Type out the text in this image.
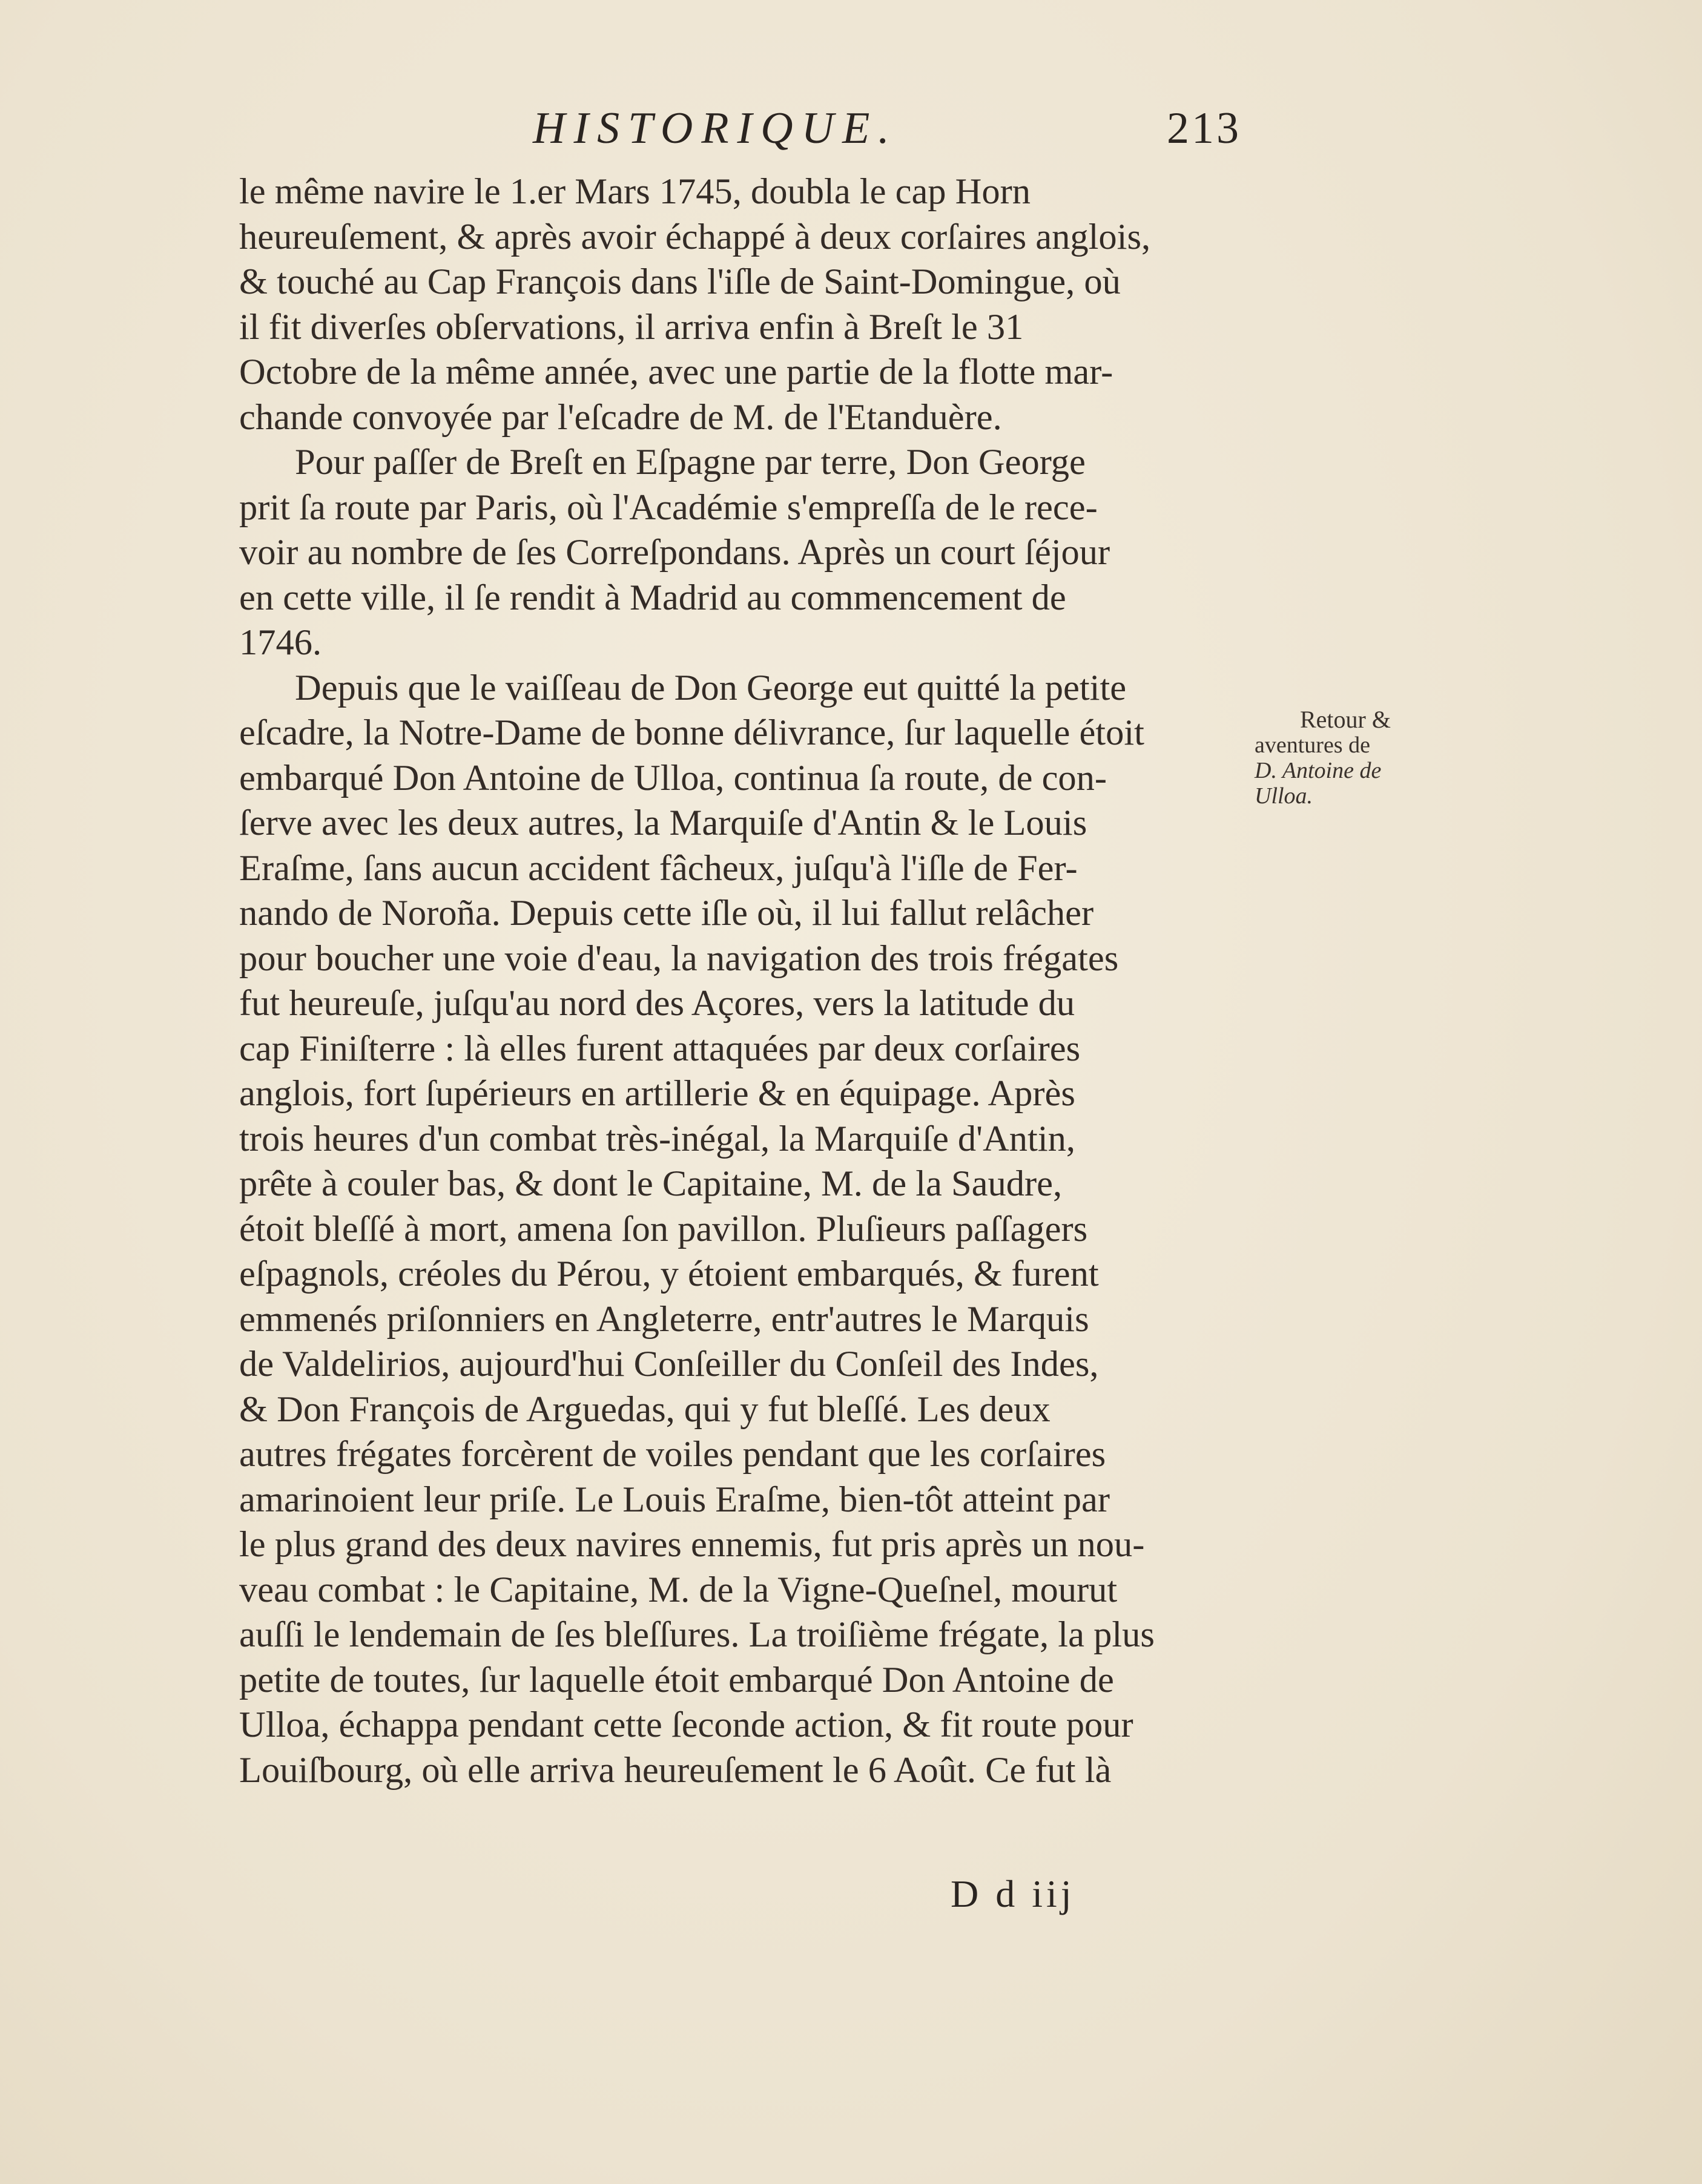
HISTORIQUE.	213
le même navire le 1.er Mars 1745, doubla le cap Horn
heureuſement, & après avoir échappé à deux corſaires anglois,
& touché au Cap François dans l'iſle de Saint-Domingue, où
il fit diverſes obſervations, il arriva enfin à Breſt le 31
Octobre de la même année, avec une partie de la flotte mar-
chande convoyée par l'eſcadre de M. de l'Etanduère.
Pour paſſer de Breſt en Eſpagne par terre, Don George
prit ſa route par Paris, où l'Académie s'empreſſa de le rece-
voir au nombre de ſes Correſpondans. Après un court ſéjour
en cette ville, il ſe rendit à Madrid au commencement de
1746.
Depuis que le vaiſſeau de Don George eut quitté la petite
eſcadre, la Notre-Dame de bonne délivrance, ſur laquelle étoit
embarqué Don Antoine de Ulloa, continua ſa route, de con-
ſerve avec les deux autres, la Marquiſe d'Antin & le Louis
Eraſme, ſans aucun accident fâcheux, juſqu'à l'iſle de Fer-
nando de Noroña. Depuis cette iſle où, il lui fallut relâcher
pour boucher une voie d'eau, la navigation des trois frégates
fut heureuſe, juſqu'au nord des Açores, vers la latitude du
cap Finiſterre : là elles furent attaquées par deux corſaires
anglois, fort ſupérieurs en artillerie & en équipage. Après
trois heures d'un combat très-inégal, la Marquiſe d'Antin,
prête à couler bas, & dont le Capitaine, M. de la Saudre,
étoit bleſſé à mort, amena ſon pavillon. Pluſieurs paſſagers
eſpagnols, créoles du Pérou, y étoient embarqués, & furent
emmenés priſonniers en Angleterre, entr'autres le Marquis
de Valdelirios, aujourd'hui Conſeiller du Conſeil des Indes,
& Don François de Arguedas, qui y fut bleſſé. Les deux
autres frégates forcèrent de voiles pendant que les corſaires
amarinoient leur priſe. Le Louis Eraſme, bien-tôt atteint par
le plus grand des deux navires ennemis, fut pris après un nou-
veau combat : le Capitaine, M. de la Vigne-Queſnel, mourut
auſſi le lendemain de ſes bleſſures. La troiſième frégate, la plus
petite de toutes, ſur laquelle étoit embarqué Don Antoine de
Ulloa, échappa pendant cette ſeconde action, & fit route pour
Louiſbourg, où elle arriva heureuſement le 6 Août. Ce fut là
Retour &
aventures de
D. Antoine de
Ulloa.
D d iij
